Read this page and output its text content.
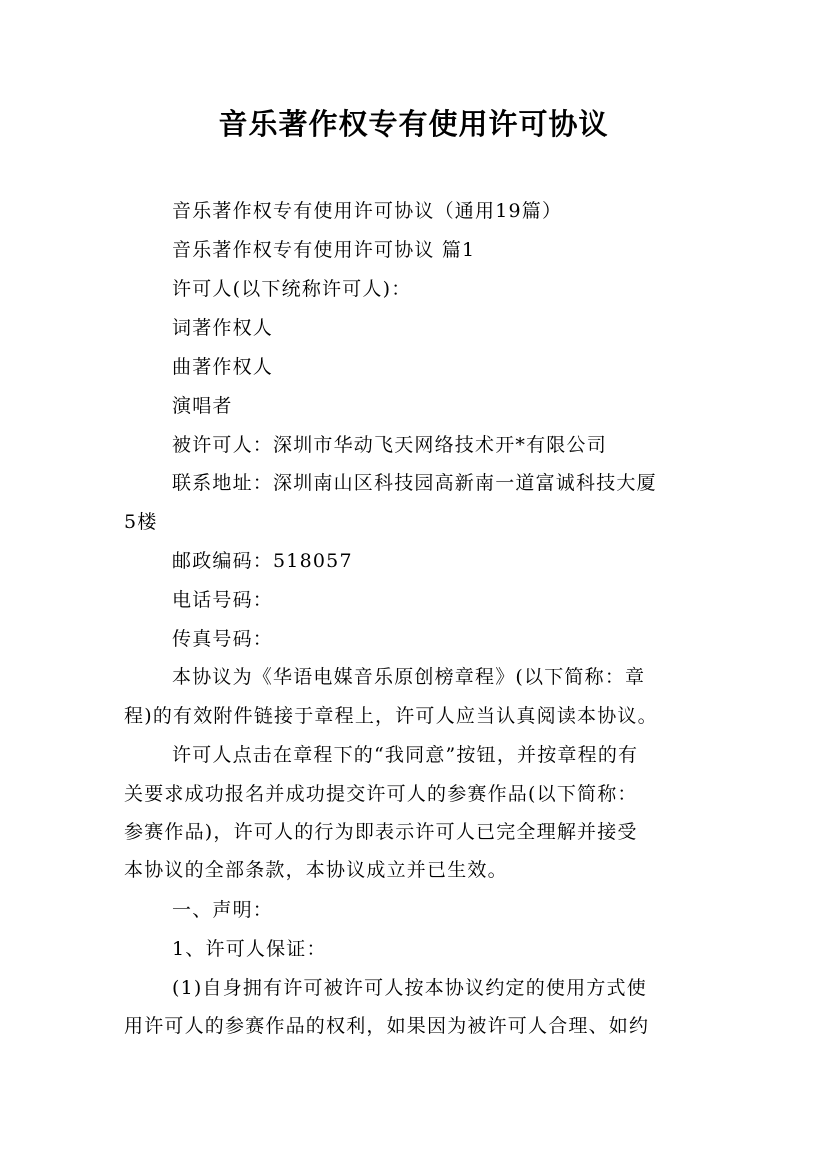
音乐著作权专有使用许可协议
音乐著作权专有使用许可协议（通用19篇）
音乐著作权专有使用许可协议 篇1
许可人(以下统称许可人)：
词著作权人
曲著作权人
演唱者
被许可人：深圳市华动飞天网络技术开*有限公司
联系地址：深圳南山区科技园高新南一道富诚科技大厦
5楼
邮政编码：518057
电话号码：
传真号码：
本协议为《华语电媒音乐原创榜章程》(以下简称：章
程)的有效附件链接于章程上，许可人应当认真阅读本协议。
许可人点击在章程下的“我同意”按钮，并按章程的有
关要求成功报名并成功提交许可人的参赛作品(以下简称：
参赛作品)，许可人的行为即表示许可人已完全理解并接受
本协议的全部条款，本协议成立并已生效。
一、声明：
1、许可人保证：
(1)自身拥有许可被许可人按本协议约定的使用方式使
用许可人的参赛作品的权利，如果因为被许可人合理、如约
